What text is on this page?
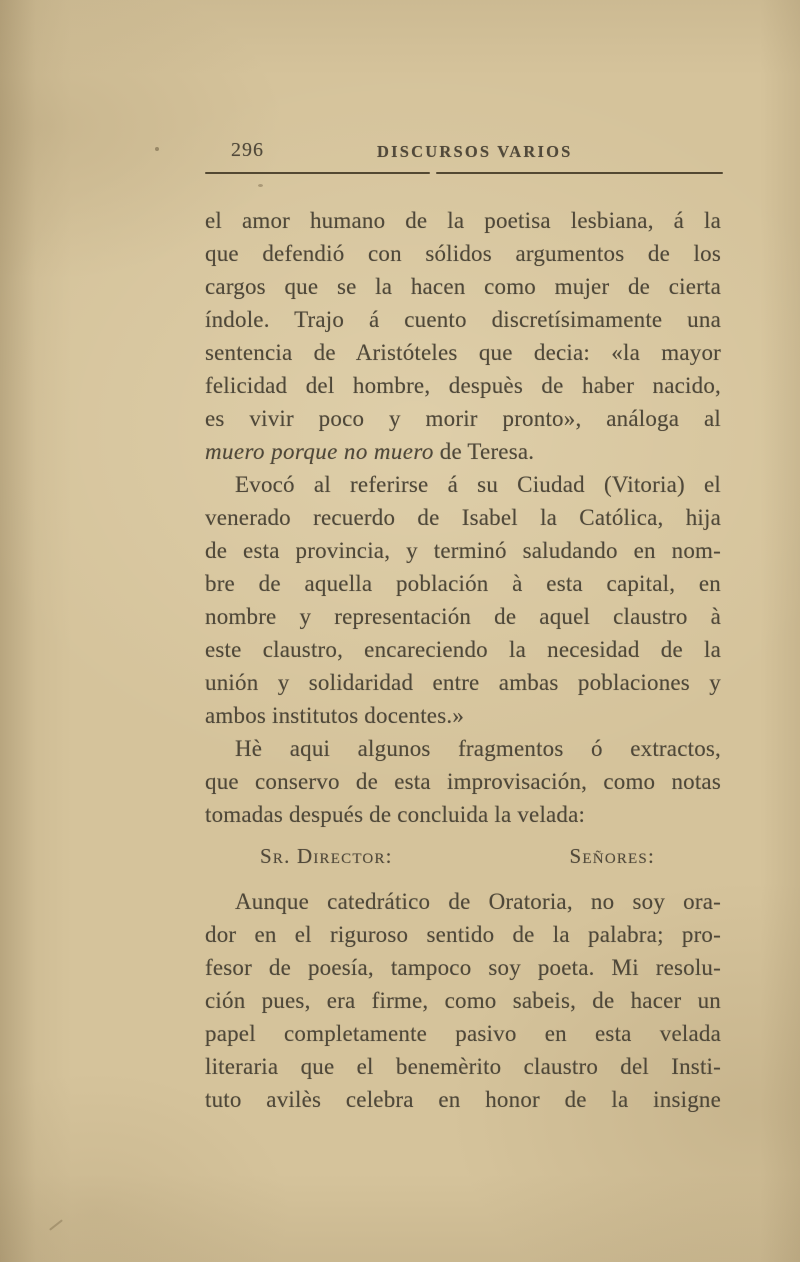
296	DISCURSOS VARIOS
el amor humano de la poetisa lesbiana, á la
que defendió con sólidos argumentos de los
cargos que se la hacen como mujer de cierta
índole. Trajo á cuento discretísimamente una
sentencia de Aristóteles que decia: «la mayor
felicidad del hombre, despuès de haber nacido,
es vivir poco y morir pronto», análoga al
muero porque no muero de Teresa.
Evocó al referirse á su Ciudad (Vitoria) el
venerado recuerdo de Isabel la Católica, hija
de esta provincia, y terminó saludando en nom-
bre de aquella población à esta capital, en
nombre y representación de aquel claustro à
este claustro, encareciendo la necesidad de la
unión y solidaridad entre ambas poblaciones y
ambos institutos docentes.»
Hè aqui algunos fragmentos ó extractos,
que conservo de esta improvisación, como notas
tomadas después de concluida la velada:
Sr. Director:	Señores:
Aunque catedrático de Oratoria, no soy ora-
dor en el riguroso sentido de la palabra; pro-
fesor de poesía, tampoco soy poeta. Mi resolu-
ción pues, era firme, como sabeis, de hacer un
papel completamente pasivo en esta velada
literaria que el benemèrito claustro del Insti-
tuto avilès celebra en honor de la insigne
